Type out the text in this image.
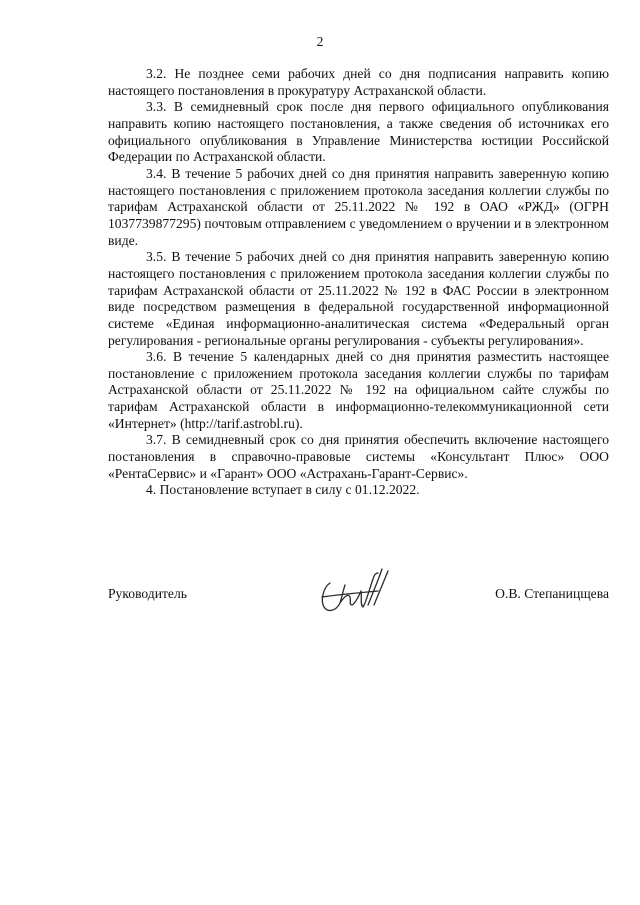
2

3.2. Не позднее семи рабочих дней со дня подписания направить копию настоящего постановления в прокуратуру Астраханской области.

3.3. В семидневный срок после дня первого официального опубликования направить копию настоящего постановления, а также сведения об источниках его официального опубликования в Управление Министерства юстиции Российской Федерации по Астраханской области.

3.4. В течение 5 рабочих дней со дня принятия направить заверенную копию настоящего постановления с приложением протокола заседания коллегии службы по тарифам Астраханской области от 25.11.2022 № 192 в ОАО «РЖД» (ОГРН 1037739877295) почтовым отправлением с уведомлением о вручении и в электронном виде.

3.5. В течение 5 рабочих дней со дня принятия направить заверенную копию настоящего постановления с приложением протокола заседания коллегии службы по тарифам Астраханской области от 25.11.2022 № 192 в ФАС России в электронном виде посредством размещения в федеральной государственной информационной системе «Единая информационно-аналитическая система «Федеральный орган регулирования - региональные органы регулирования - субъекты регулирования».

3.6. В течение 5 календарных дней со дня принятия разместить настоящее постановление с приложением протокола заседания коллегии службы по тарифам Астраханской области от 25.11.2022 № 192 на официальном сайте службы по тарифам Астраханской области в информационно-телекоммуникационной сети «Интернет» (http://tarif.astrobl.ru).

3.7. В семидневный срок со дня принятия обеспечить включение настоящего постановления в справочно-правовые системы «Консультант Плюс» ООО «РентаСервис» и «Гарант» ООО «Астрахань-Гарант-Сервис».

4. Постановление вступает в силу с 01.12.2022.

Руководитель	О.В. Степаницщева
